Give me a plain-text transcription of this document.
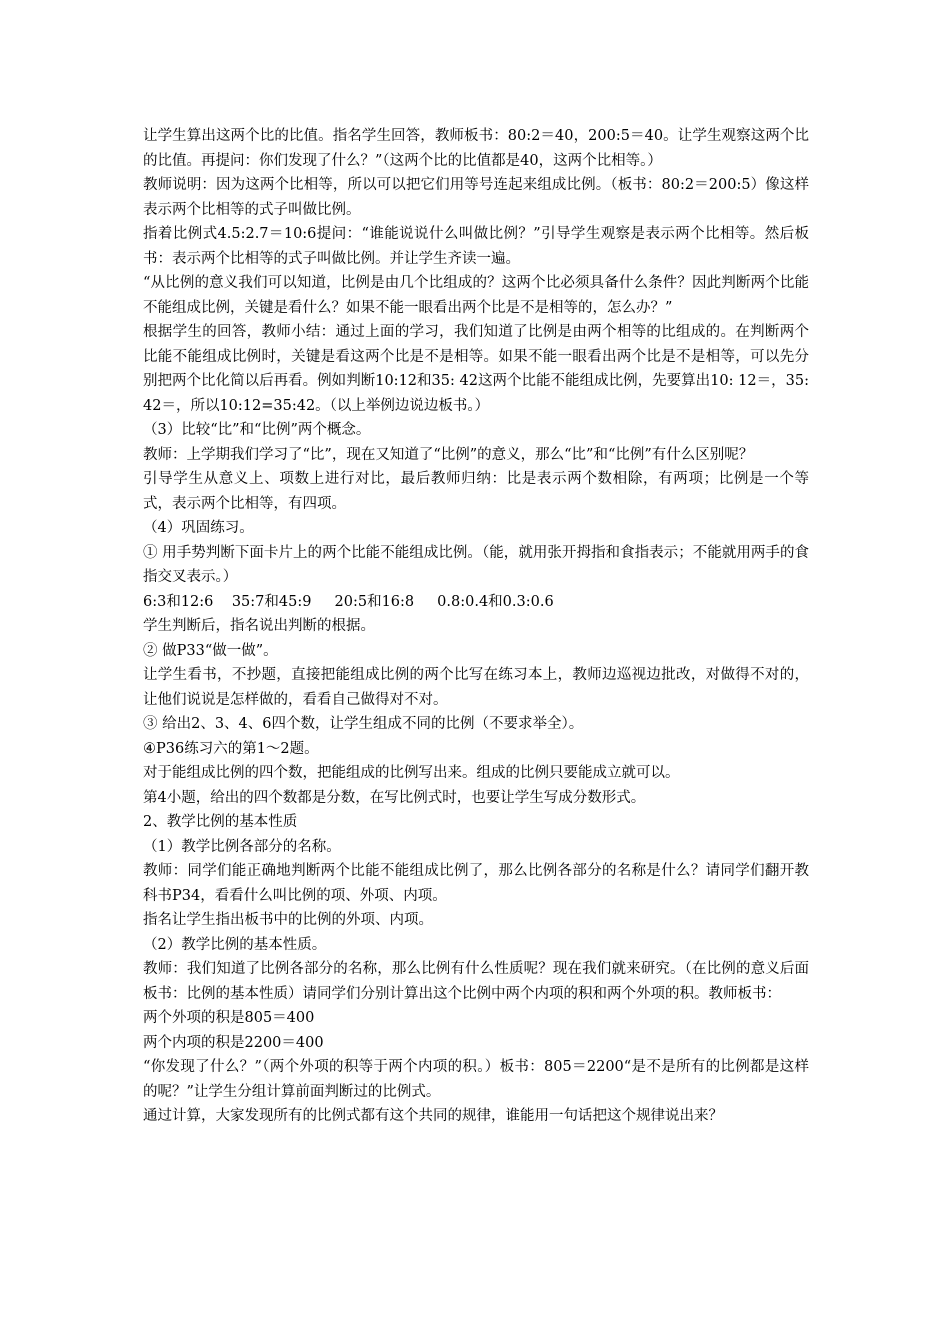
让学生算出这两个比的比值。指名学生回答，教师板书：80:2＝40，200:5＝40。让学生观察这两个比的比值。再提问：你们发现了什么？”（这两个比的比值都是40，这两个比相等。）

教师说明：因为这两个比相等，所以可以把它们用等号连起来组成比例。（板书：80:2＝200:5）像这样表示两个比相等的式子叫做比例。

指着比例式4.5:2.7＝10:6提问：“谁能说说什么叫做比例？”引导学生观察是表示两个比相等。然后板书：表示两个比相等的式子叫做比例。并让学生齐读一遍。

“从比例的意义我们可以知道，比例是由几个比组成的？这两个比必须具备什么条件？因此判断两个比能不能组成比例，关键是看什么？如果不能一眼看出两个比是不是相等的，怎么办？”

根据学生的回答，教师小结：通过上面的学习，我们知道了比例是由两个相等的比组成的。在判断两个比能不能组成比例时，关键是看这两个比是不是相等。如果不能一眼看出两个比是不是相等，可以先分别把两个比化简以后再看。例如判断10:12和35: 42这两个比能不能组成比例，先要算出10: 12＝，35: 42＝，所以10:12=35:42。（以上举例边说边板书。）

（3）比较“比”和“比例”两个概念。

教师：上学期我们学习了“比”，现在又知道了“比例”的意义，那么“比”和“比例”有什么区别呢？

引导学生从意义上、项数上进行对比，最后教师归纳：比是表示两个数相除，有两项；比例是一个等式，表示两个比相等，有四项。

（4）巩固练习。

① 用手势判断下面卡片上的两个比能不能组成比例。（能，就用张开拇指和食指表示；不能就用两手的食指交叉表示。）

6:3和12:6    35:7和45:9     20:5和16:8     0.8:0.4和0.3:0.6

学生判断后，指名说出判断的根据。

② 做P33“做一做”。

让学生看书，不抄题，直接把能组成比例的两个比写在练习本上，教师边巡视边批改，对做得不对的，让他们说说是怎样做的，看看自己做得对不对。

③ 给出2、3、4、6四个数，让学生组成不同的比例（不要求举全）。

④P36练习六的第1～2题。

对于能组成比例的四个数，把能组成的比例写出来。组成的比例只要能成立就可以。

第4小题，给出的四个数都是分数，在写比例式时，也要让学生写成分数形式。

2、教学比例的基本性质

（1）教学比例各部分的名称。

教师：同学们能正确地判断两个比能不能组成比例了，那么比例各部分的名称是什么？请同学们翻开教科书P34，看看什么叫比例的项、外项、内项。

指名让学生指出板书中的比例的外项、内项。

（2）教学比例的基本性质。

教师：我们知道了比例各部分的名称，那么比例有什么性质呢？现在我们就来研究。（在比例的意义后面板书：比例的基本性质）请同学们分别计算出这个比例中两个内项的积和两个外项的积。教师板书：

两个外项的积是805＝400

两个内项的积是2200＝400

“你发现了什么？”（两个外项的积等于两个内项的积。）板书：805＝2200“是不是所有的比例都是这样的呢？”让学生分组计算前面判断过的比例式。

通过计算，大家发现所有的比例式都有这个共同的规律，谁能用一句话把这个规律说出来？
